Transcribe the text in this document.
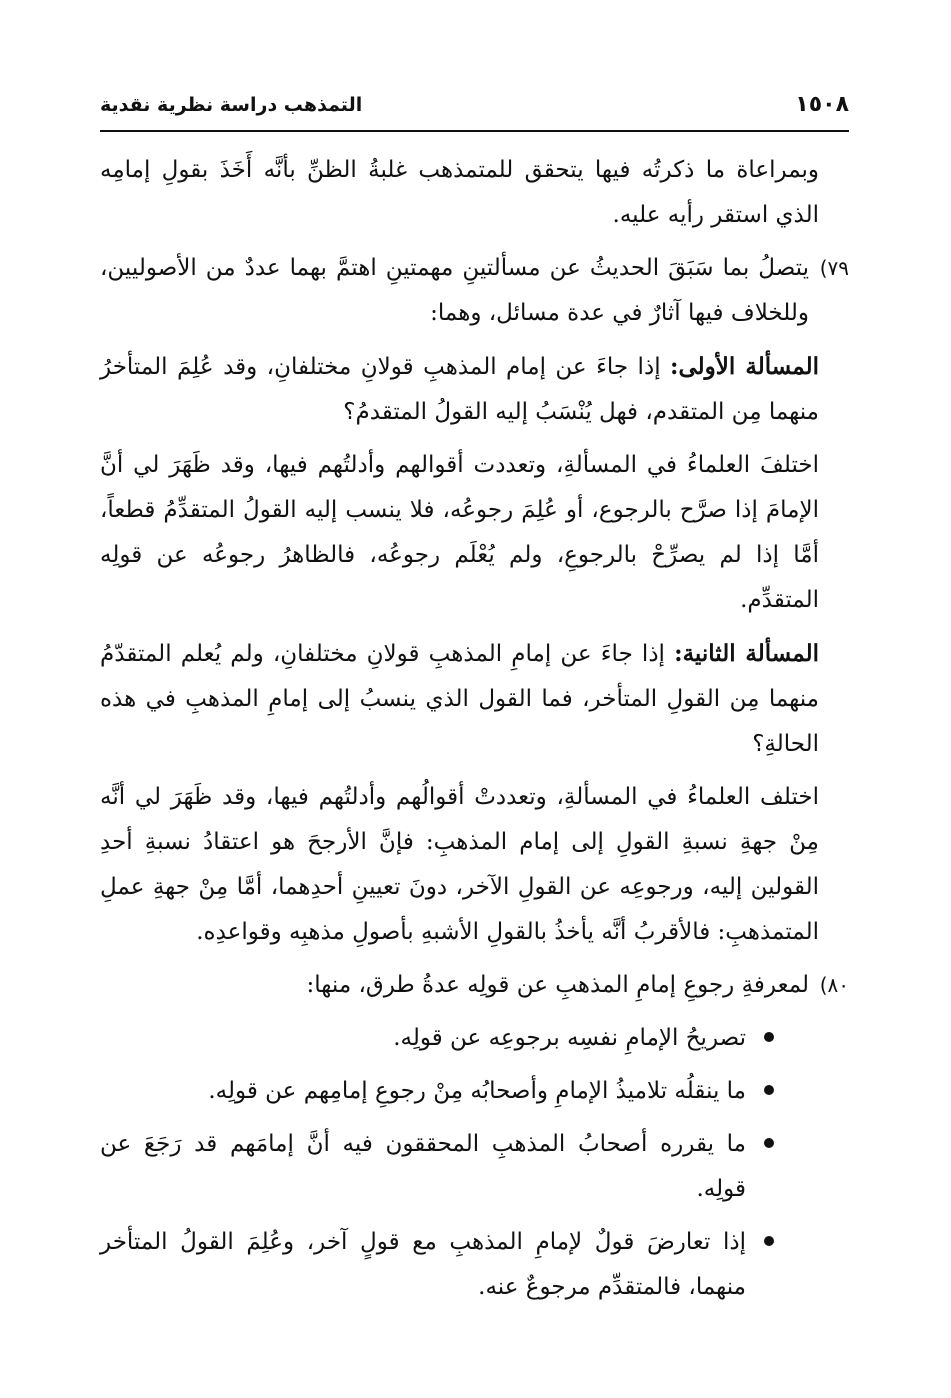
١٥٠٨
التمذهب دراسة نظرية نقدية

وبمراعاة ما ذكرتُه فيها يتحقق للمتمذهب غلبةُ الظنِّ بأنَّه أَخَذَ بقولِ إمامِه الذي استقر رأيه عليه.

٧٩)
يتصلُ بما سَبَقَ الحديثُ عن مسألتينِ مهمتينِ اهتمَّ بهما عددٌ من الأصوليين، وللخلاف فيها آثارٌ في عدة مسائل، وهما:

المسألة الأولى: إذا جاءَ عن إمام المذهبِ قولانِ مختلفانِ، وقد عُلِمَ المتأخرُ منهما مِن المتقدم، فهل يُنْسَبُ إليه القولُ المتقدمُ؟

اختلفَ العلماءُ في المسألةِ، وتعددت أقوالهم وأدلتُهم فيها، وقد ظَهَرَ لي أنَّ الإمامَ إذا صرَّح بالرجوع، أو عُلِمَ رجوعُه، فلا ينسب إليه القولُ المتقدِّمُ قطعاً، أمَّا إذا لم يصرِّحْ بالرجوعِ، ولم يُعْلَم رجوعُه، فالظاهرُ رجوعُه عن قولِه المتقدِّم.

المسألة الثانية: إذا جاءَ عن إمامِ المذهبِ قولانِ مختلفانِ، ولم يُعلم المتقدّمُ منهما مِن القولِ المتأخر، فما القول الذي ينسبُ إلى إمامِ المذهبِ في هذه الحالةِ؟

اختلف العلماءُ في المسألةِ، وتعددتْ أقوالُهم وأدلتُهم فيها، وقد ظَهَرَ لي أنَّه مِنْ جهةِ نسبةِ القولِ إلى إمام المذهبِ: فإنَّ الأرجحَ هو اعتقادُ نسبةِ أحدِ القولين إليه، ورجوعِه عن القولِ الآخر، دونَ تعيينِ أحدِهما، أمَّا مِنْ جهةِ عملِ المتمذهبِ: فالأقربُ أنَّه يأخذُ بالقولِ الأشبهِ بأصولِ مذهبِه وقواعدِه.

٨٠)
لمعرفةِ رجوعِ إمامِ المذهبِ عن قولِه عدةُ طرق، منها:
تصريحُ الإمامِ نفسِه برجوعِه عن قولِه.
ما ينقلُه تلاميذُ الإمامِ وأصحابُه مِنْ رجوعِ إمامِهم عن قولِه.
ما يقرره أصحابُ المذهبِ المحققون فيه أنَّ إمامَهم قد رَجَعَ عن قولِه.
إذا تعارضَ قولٌ لإمامِ المذهبِ مع قولٍ آخر، وعُلِمَ القولُ المتأخر منهما، فالمتقدِّم مرجوعٌ عنه.
